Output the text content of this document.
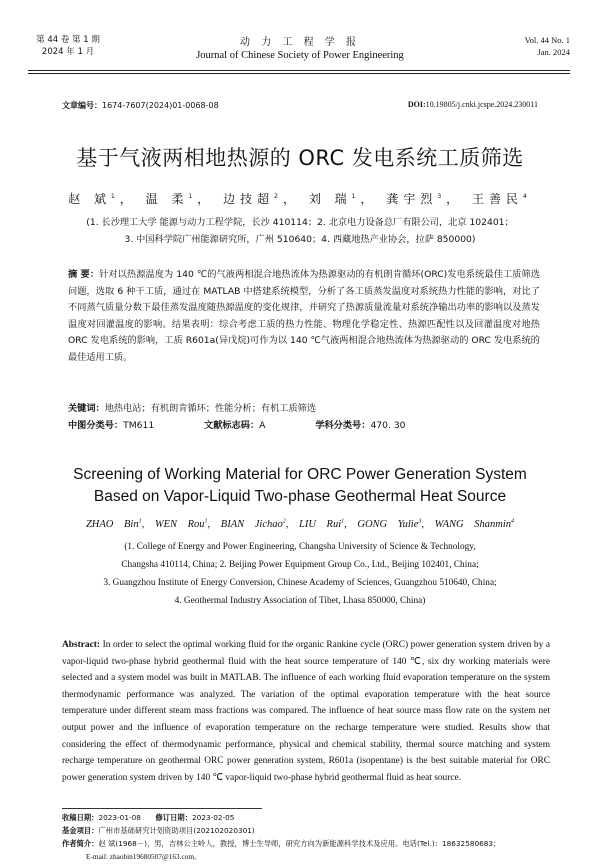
第 44 卷 第 1 期
2024 年 1 月
动 力 工 程 学 报
Journal of Chinese Society of Power Engineering
Vol. 44 No. 1
Jan. 2024
文章编号：1674-7607(2024)01-0068-08	DOI:10.19805/j.cnki.jcspe.2024.230011
基于气液两相地热源的 ORC 发电系统工质筛选
赵 斌$^1$， 温 柔$^1$， 边技超$^2$， 刘 瑞$^1$， 龚宇烈$^3$， 王善民$^4$
(1. 长沙理工大学 能源与动力工程学院，长沙 410114；2. 北京电力设备总厂有限公司，北京 102401；
3. 中国科学院广州能源研究所，广州 510640；4. 西藏地热产业协会，拉萨 850000)
摘 要：针对以热源温度为 140 ℃的气液两相混合地热流体为热源驱动的有机朗肯循环(ORC)发电系统最佳工质筛选问题，选取 6 种干工质，通过在 MATLAB 中搭建系统模型，分析了各工质蒸发温度对系统热力性能的影响，对比了不同蒸气质量分数下最佳蒸发温度随热源温度的变化规律，并研究了热源质量流量对系统净输出功率的影响以及蒸发温度对回灌温度的影响。结果表明：综合考虑工质的热力性能、物理化学稳定性、热源匹配性以及回灌温度对地热 ORC 发电系统的影响，工质 R601a(异戊烷)可作为以 140 ℃气液两相混合地热流体为热源驱动的 ORC 发电系统的最佳适用工质。
关键词：地热电站；有机朗肯循环；性能分析；有机工质筛选
中图分类号：TM611	文献标志码：A	学科分类号：470. 30
Screening of Working Material for ORC Power Generation System
Based on Vapor-Liquid Two-phase Geothermal Heat Source
ZHAO Bin$^1$, WEN Rou$^1$, BIAN Jichao$^2$, LIU Rui$^1$, GONG Yulie$^3$, WANG Shanmin$^4$
(1. College of Energy and Power Engineering, Changsha University of Science & Technology,
Changsha 410114, China; 2. Beijing Power Equipment Group Co., Ltd., Beijing 102401, China;
3. Guangzhou Institute of Energy Conversion, Chinese Academy of Sciences, Guangzhou 510640, China;
4. Geothermal Industry Association of Tibet, Lhasa 850000, China)
Abstract: In order to select the optimal working fluid for the organic Rankine cycle (ORC) power generation system driven by a vapor-liquid two-phase hybrid geothermal fluid with the heat source temperature of 140 ℃, six dry working materials were selected and a system model was built in MATLAB. The influence of each working fluid evaporation temperature on the system thermodynamic performance was analyzed. The variation of the optimal evaporation temperature with the heat source temperature under different steam mass fractions was compared. The influence of heat source mass flow rate on the system net output power and the influence of evaporation temperature on the recharge temperature were studied. Results show that considering the effect of thermodynamic performance, physical and chemical stability, thermal source matching and system recharge temperature on geothermal ORC power generation system, R601a (isopentane) is the best suitable material for ORC power generation system driven by 140 ℃ vapor-liquid two-phase hybrid geothermal fluid as heat source.
收稿日期：2023-01-08 修订日期：2023-02-05
基金项目：广州市基础研究计划资助项目(202102020301)
作者简介：赵 斌(1968－)，男，吉林公主岭人，教授，博士生导师，研究方向为新能源科学技术及应用。电话(Tel.)：18632580683；
E-mail: zhaobin19680507@163.com。
